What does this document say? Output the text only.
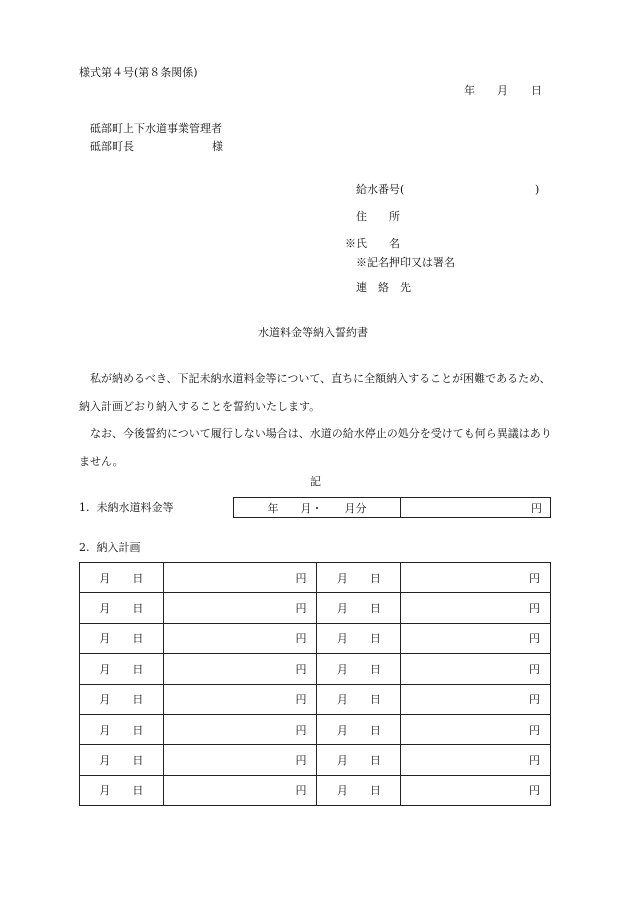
様式第４号(第８条関係)
年 月 日
砥部町上下水道事業管理者
砥部町長	様
給水番号(	)
住　　所
※氏　　名
※記名押印又は署名
連　絡　先
水道料金等納入誓約書
私が納めるべき、下記未納水道料金等について、直ちに全額納入することが困難であるため、納入計画どおり納入することを誓約いたします。
なお、今後誓約について履行しない場合は、水道の給水停止の処分を受けても何ら異議はありません。
記
1.  未納水道料金等	年　　月・　　月分	円
2.  納入計画
月 日	円	月 日	円
月 日	円	月 日	円
月 日	円	月 日	円
月 日	円	月 日	円
月 日	円	月 日	円
月 日	円	月 日	円
月 日	円	月 日	円
月 日	円	月 日	円
